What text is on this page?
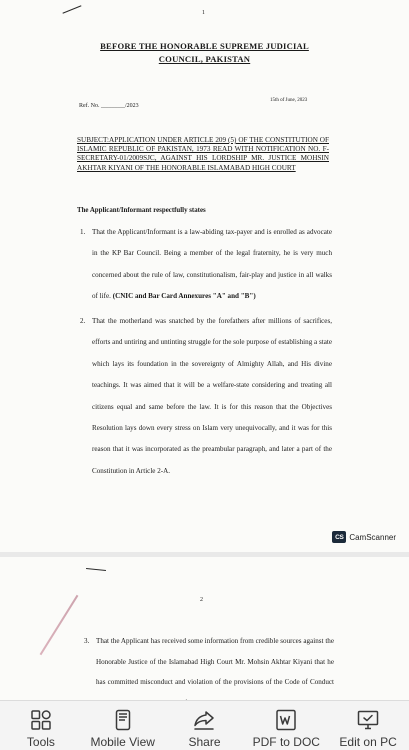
1
BEFORE THE HONORABLE SUPREME JUDICIAL
COUNCIL, PAKISTAN
Ref. No. ________/2023
15th of June, 2023
SUBJECT:APPLICATION UNDER ARTICLE 209 (5) OF THE CONSTITUTION OF ISLAMIC REPUBLIC OF PAKISTAN, 1973 READ WITH NOTIFICATION NO. F-SECRETARY-01/2009SJC, AGAINST HIS LORDSHIP MR. JUSTICE MOHSIN AKHTAR KIYANI OF THE HONORABLE ISLAMABAD HIGH COURT
The Applicant/Informant respectfully states
1. That the Applicant/Informant is a law-abiding tax-payer and is enrolled as advocate in the KP Bar Council. Being a member of the legal fraternity, he is very much concerned about the rule of law, constitutionalism, fair-play and justice in all walks of life. (CNIC and Bar Card Annexures "A" and "B")
2. That the motherland was snatched by the forefathers after millions of sacrifices, efforts and untiring and untinting struggle for the sole purpose of establishing a state which lays its foundation in the sovereignty of Almighty Allah, and His divine teachings. It was aimed that it will be a welfare-state considering and treating all citizens equal and same before the law. It is for this reason that the Objectives Resolution lays down every stress on Islam very unequivocally, and it was for this reason that it was incorporated as the preambular paragraph, and later a part of the Constitution in Article 2-A.
CS CamScanner
2
3. That the Applicant has received some information from credible sources against the Honorable Justice of the Islamabad High Court Mr. Mohsin Akhtar Kiyani that he has committed misconduct and violation of the provisions of the Code of Conduct
Tools	Mobile View	Share	PDF to DOC Edit on PC
